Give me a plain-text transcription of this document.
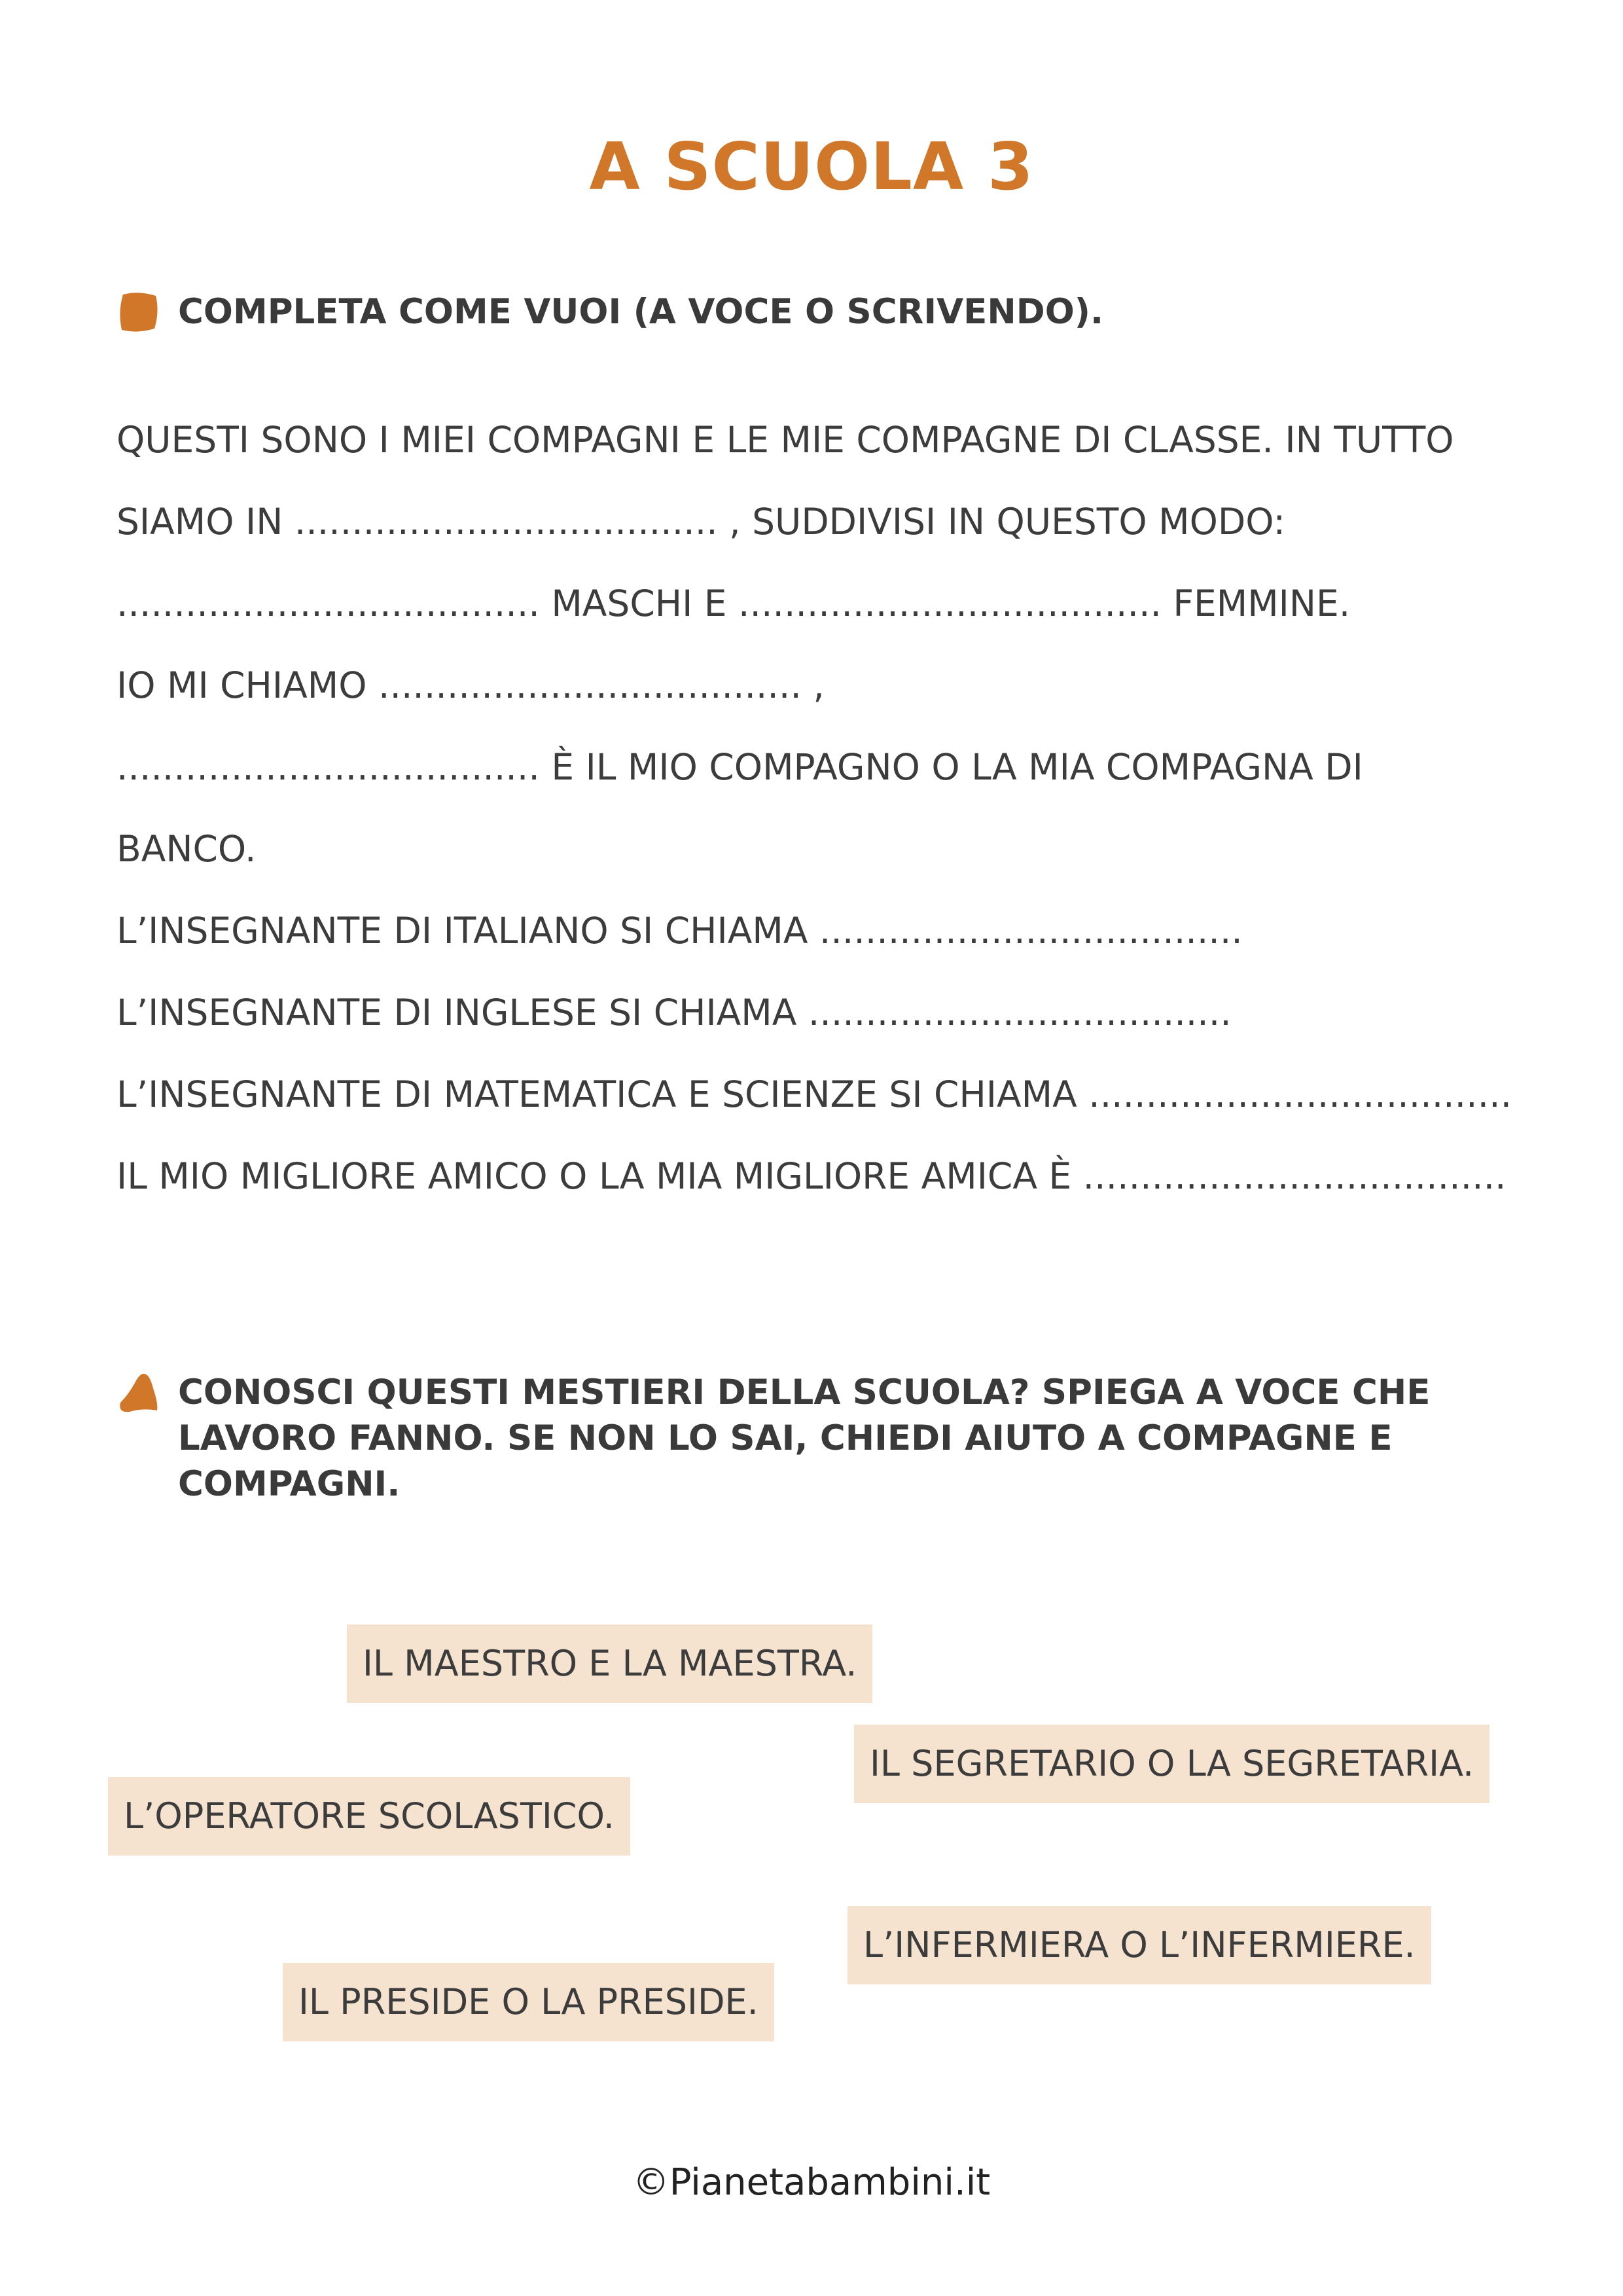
A SCUOLA 3

COMPLETA COME VUOI (A VOCE O SCRIVENDO).

QUESTI SONO I MIEI COMPAGNI E LE MIE COMPAGNE DI CLASSE. IN TUTTO
SIAMO IN ..................................... , SUDDIVISI IN QUESTO MODO:
..................................... MASCHI E ..................................... FEMMINE.
IO MI CHIAMO ..................................... ,
..................................... È IL MIO COMPAGNO O LA MIA COMPAGNA DI
BANCO.
L’INSEGNANTE DI ITALIANO SI CHIAMA .....................................
L’INSEGNANTE DI INGLESE SI CHIAMA .....................................
L’INSEGNANTE DI MATEMATICA E SCIENZE SI CHIAMA .....................................
IL MIO MIGLIORE AMICO O LA MIA MIGLIORE AMICA È .....................................

CONOSCI QUESTI MESTIERI DELLA SCUOLA? SPIEGA A VOCE CHE LAVORO FANNO. SE NON LO SAI, CHIEDI AIUTO A COMPAGNE E COMPAGNI.

IL MAESTRO E LA MAESTRA.
IL SEGRETARIO O LA SEGRETARIA.
L’OPERATORE SCOLASTICO.
L’INFERMIERA O L’INFERMIERE.
IL PRESIDE O LA PRESIDE.
©Pianetabambini.it
